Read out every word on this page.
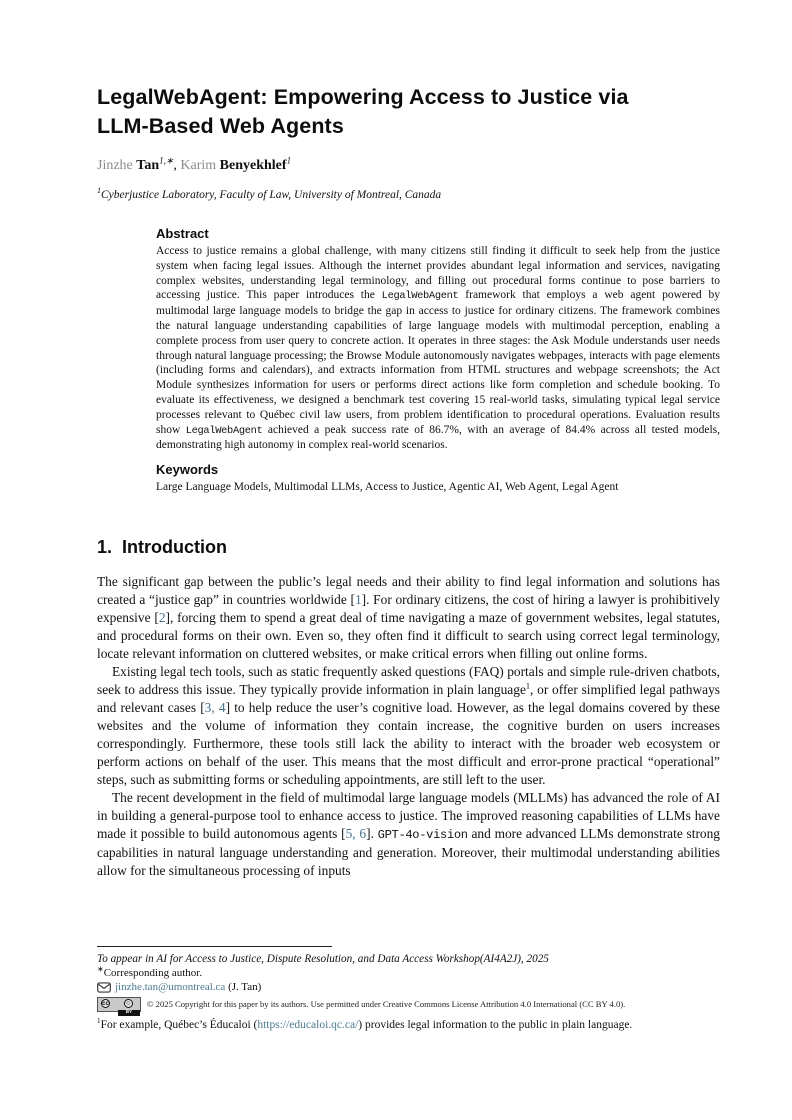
LegalWebAgent: Empowering Access to Justice via
LLM-Based Web Agents
Jinzhe Tan$^{1,∗}$, Karim Benyekhlef$^1$
$^1$Cyberjustice Laboratory, Faculty of Law, University of Montreal, Canada
Abstract
Access to justice remains a global challenge, with many citizens still finding it difficult to seek help from the justice system when facing legal issues. Although the internet provides abundant legal information and services, navigating complex websites, understanding legal terminology, and filling out procedural forms continue to pose barriers to accessing justice. This paper introduces the LegalWebAgent framework that employs a web agent powered by multimodal large language models to bridge the gap in access to justice for ordinary citizens. The framework combines the natural language understanding capabilities of large language models with multimodal perception, enabling a complete process from user query to concrete action. It operates in three stages: the Ask Module understands user needs through natural language processing; the Browse Module autonomously navigates webpages, interacts with page elements (including forms and calendars), and extracts information from HTML structures and webpage screenshots; the Act Module synthesizes information for users or performs direct actions like form completion and schedule booking. To evaluate its effectiveness, we designed a benchmark test covering 15 real-world tasks, simulating typical legal service processes relevant to Québec civil law users, from problem identification to procedural operations. Evaluation results show LegalWebAgent achieved a peak success rate of 86.7%, with an average of 84.4% across all tested models, demonstrating high autonomy in complex real-world scenarios.
Keywords
Large Language Models, Multimodal LLMs, Access to Justice, Agentic AI, Web Agent, Legal Agent
1. Introduction

The significant gap between the public’s legal needs and their ability to find legal information and solutions has created a “justice gap” in countries worldwide [1]. For ordinary citizens, the cost of hiring a lawyer is prohibitively expensive [2], forcing them to spend a great deal of time navigating a maze of government websites, legal statutes, and procedural forms on their own. Even so, they often find it difficult to search using correct legal terminology, locate relevant information on cluttered websites, or make critical errors when filling out online forms.

Existing legal tech tools, such as static frequently asked questions (FAQ) portals and simple rule-driven chatbots, seek to address this issue. They typically provide information in plain language$^1$, or offer simplified legal pathways and relevant cases [3, 4] to help reduce the user’s cognitive load. However, as the legal domains covered by these websites and the volume of information they contain increase, the cognitive burden on users increases correspondingly. Furthermore, these tools still lack the ability to interact with the broader web ecosystem or perform actions on behalf of the user. This means that the most difficult and error-prone practical “operational” steps, such as submitting forms or scheduling appointments, are still left to the user.

The recent development in the field of multimodal large language models (MLLMs) has advanced the role of AI in building a general-purpose tool to enhance access to justice. The improved reasoning capabilities of LLMs have made it possible to build autonomous agents [5, 6]. GPT-4o-vision and more advanced LLMs demonstrate strong capabilities in natural language understanding and generation. Moreover, their multimodal understanding abilities allow for the simultaneous processing of inputs

To appear in AI for Access to Justice, Dispute Resolution, and Data Access Workshop(AI4A2J), 2025
∗Corresponding author.
jinzhe.tan@umontreal.ca (J. Tan)
cc	☺
BY
© 2025 Copyright for this paper by its authors. Use permitted under Creative Commons License Attribution 4.0 International (CC BY 4.0).
$^1$For example, Québec’s Éducaloi (https://educaloi.qc.ca/) provides legal information to the public in plain language.
